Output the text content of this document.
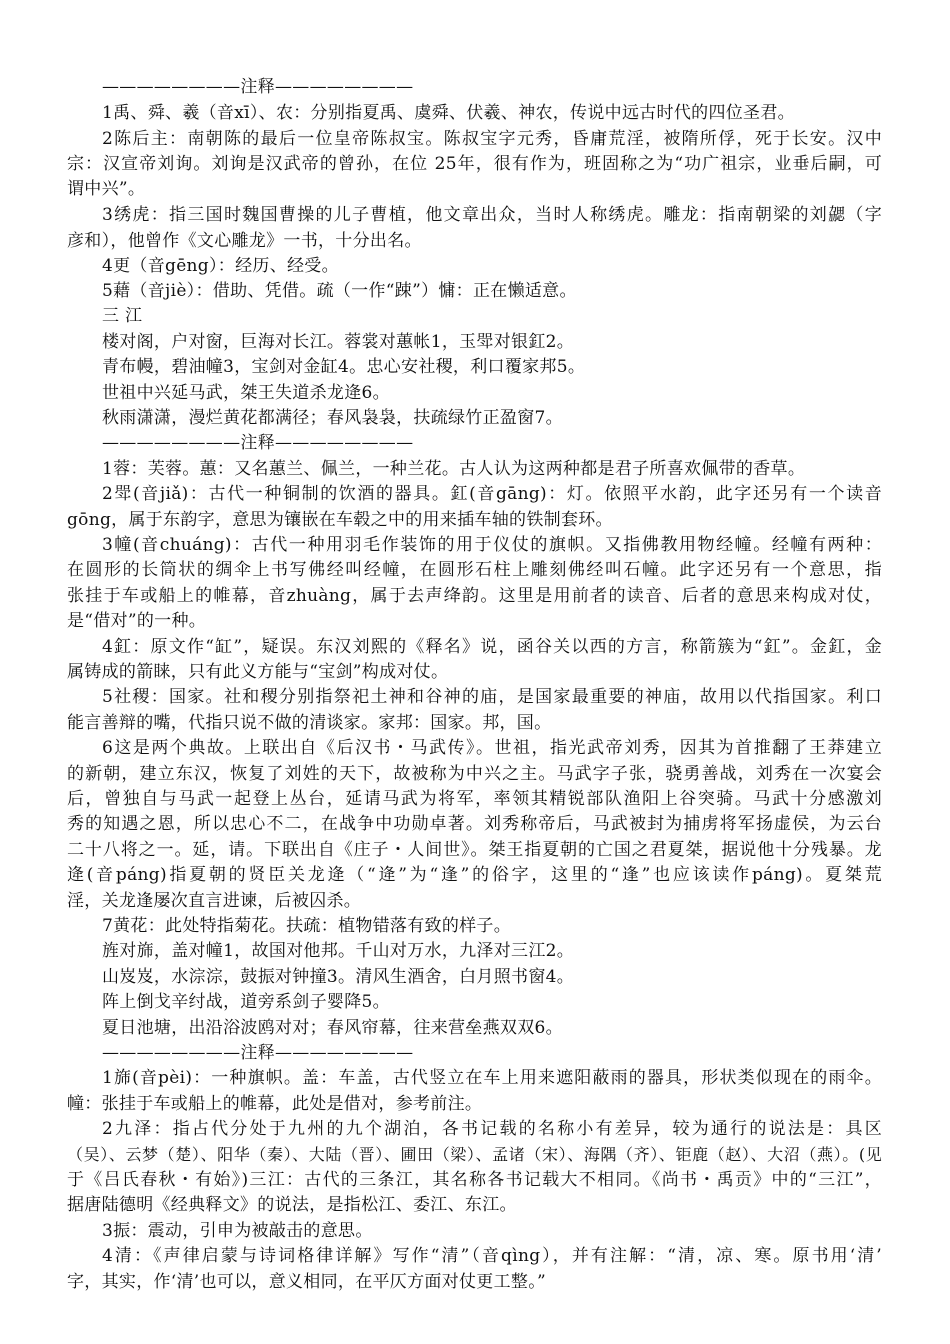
————————注释————————
1禹、舜、羲（音xī）、农：分别指夏禹、虞舜、伏羲、神农，传说中远古时代的四位圣君。
2陈后主：南朝陈的最后一位皇帝陈叔宝。陈叔宝字元秀，昏庸荒淫，被隋所俘，死于长安。汉中
宗：汉宣帝刘询。刘询是汉武帝的曾孙，在位 25年，很有作为，班固称之为“功广祖宗，业垂后嗣，可
谓中兴”。
3绣虎：指三国时魏国曹操的儿子曹植，他文章出众，当时人称绣虎。雕龙：指南朝梁的刘勰（字
彦和），他曾作《文心雕龙》一书，十分出名。
4更（音gēng）：经历、经受。
5藉（音jiè）：借助、凭借。疏（一作“踈”）慵：正在懒适意。
三 江
楼对阁，户对窗，巨海对长江。蓉裳对蕙帐1，玉斝对银釭2。
青布幔，碧油幢3，宝剑对金缸4。忠心安社稷，利口覆家邦5。
世祖中兴延马武，桀王失道杀龙逄6。
秋雨潇潇，漫烂黄花都满径；春风袅袅，扶疏绿竹正盈窗7。
————————注释————————
1蓉：芙蓉。蕙：又名蕙兰、佩兰，一种兰花。古人认为这两种都是君子所喜欢佩带的香草。
2斝(音jiǎ)：古代一种铜制的饮酒的器具。釭(音gāng)：灯。依照平水韵，此字还另有一个读音
gōng，属于东韵字，意思为镶嵌在车毂之中的用来插车轴的铁制套环。
3幢(音chuáng)：古代一种用羽毛作装饰的用于仪仗的旗帜。又指佛教用物经幢。经幢有两种：
在圆形的长筒状的绸伞上书写佛经叫经幢，在圆形石柱上雕刻佛经叫石幢。此字还另有一个意思，指
张挂于车或船上的帷幕，音zhuàng，属于去声绛韵。这里是用前者的读音、后者的意思来构成对仗，
是“借对”的一种。
4釭：原文作“缸”，疑误。东汉刘熙的《释名》说，函谷关以西的方言，称箭簇为“釭”。金釭，金
属铸成的箭睐，只有此义方能与“宝剑”构成对仗。
5社稷：国家。社和稷分别指祭祀土神和谷神的庙，是国家最重要的神庙，故用以代指国家。利口
能言善辩的嘴，代指只说不做的清谈家。家邦：国家。邦，国。
6这是两个典故。上联出自《后汉书・马武传》。世祖，指光武帝刘秀，因其为首推翻了王莽建立
的新朝，建立东汉，恢复了刘姓的天下，故被称为中兴之主。马武字子张，骁勇善战，刘秀在一次宴会
后，曾独自与马武一起登上丛台，延请马武为将军，率领其精锐部队渔阳上谷突骑。马武十分感激刘
秀的知遇之恩，所以忠心不二，在战争中功勋卓著。刘秀称帝后，马武被封为捕虏将军扬虚侯，为云台
二十八将之一。延，请。下联出自《庄子・人间世》。桀王指夏朝的亡国之君夏桀，据说他十分残暴。龙
逄(音páng)指夏朝的贤臣关龙逄（“逄”为“逢”的俗字，这里的“逢”也应该读作páng)。夏桀荒
淫，关龙逢屡次直言进谏，后被囚杀。
7黄花：此处特指菊花。扶疏：植物错落有致的样子。
旌对旆，盖对幢1，故国对他邦。千山对万水，九泽对三江2。
山岌岌，水淙淙，鼓振对钟撞3。清风生酒舍，白月照书窗4。
阵上倒戈辛纣战，道旁系剑子婴降5。
夏日池塘，出沿浴波鸥对对；春风帘幕，往来营垒燕双双6。
————————注释————————
1旆(音pèi)：一种旗帜。盖：车盖，古代竖立在车上用来遮阳蔽雨的器具，形状类似现在的雨伞。
幢：张挂于车或船上的帷幕，此处是借对，参考前注。
2九泽：指占代分处于九州的九个湖泊，各书记载的名称小有差异，较为通行的说法是：具区
（吴）、云梦（楚）、阳华（秦）、大陆（晋）、圃田（梁）、孟诸（宋）、海隅（齐）、钜鹿（赵）、大沼（燕）。(见
于《吕氏春秋・有始》)三江：古代的三条江，其名称各书记载大不相同。《尚书・禹贡》中的“三江”，
据唐陆德明《经典释文》的说法，是指松江、委江、东江。
3振：震动，引申为被敲击的意思。
4清：《声律启蒙与诗词格律详解》写作“清”（音qìng），并有注解：“清，凉、寒。原书用‘清’
字，其实，作‘清’也可以，意义相同，在平仄方面对仗更工整。”
